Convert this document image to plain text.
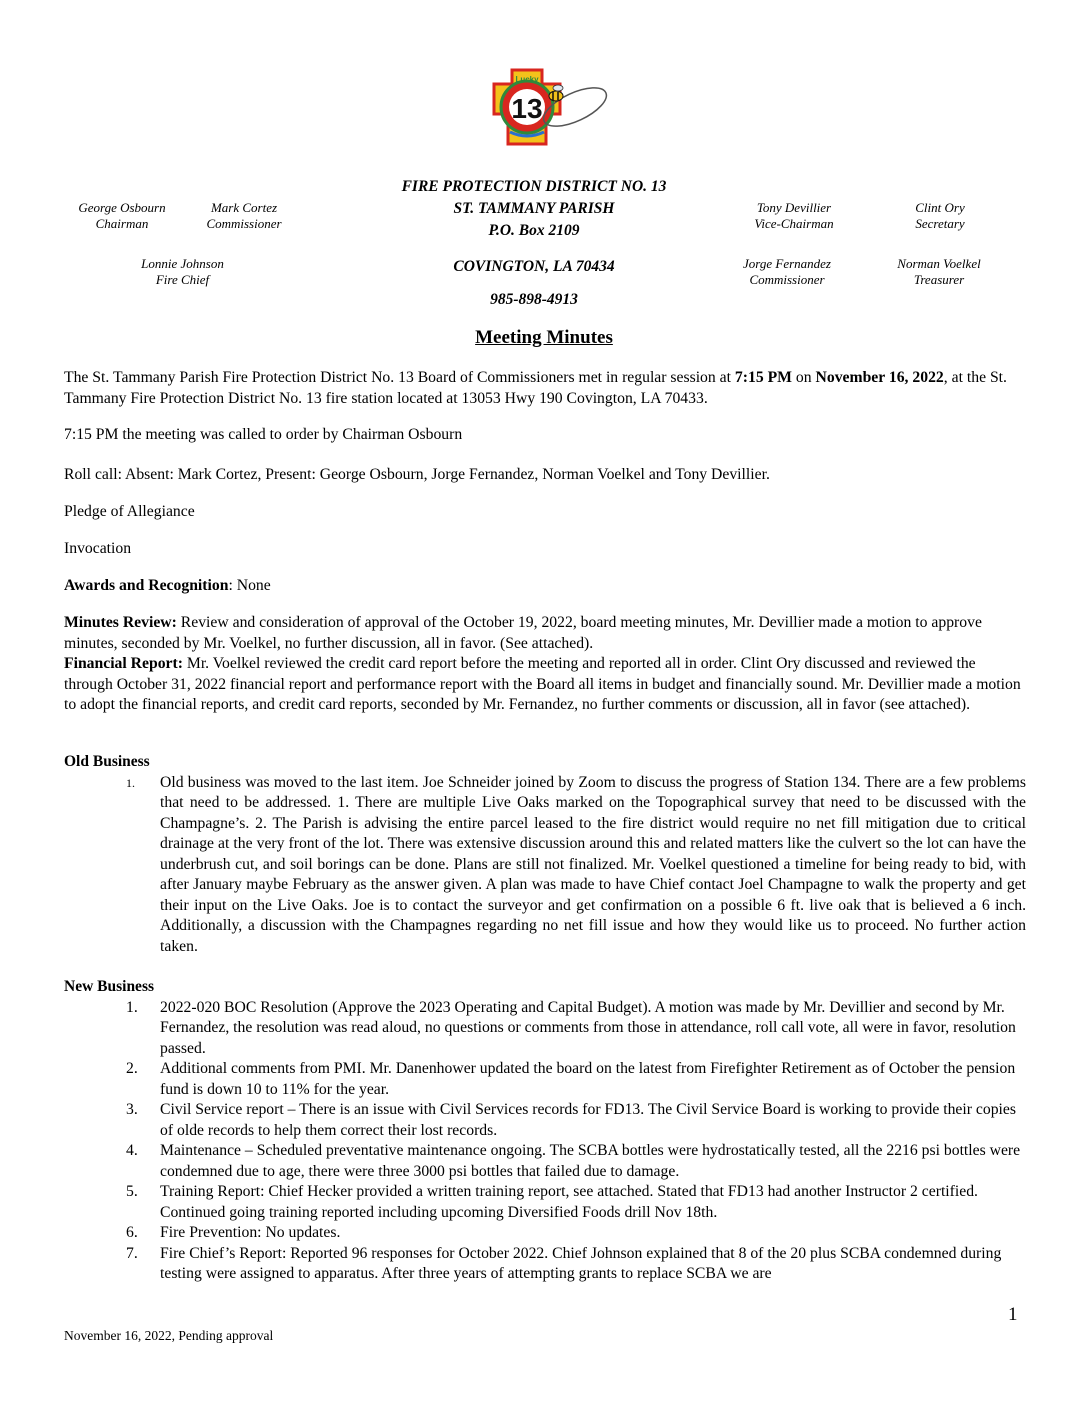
13
Lucky
George Osbourn
Chairman
Mark Cortez
Commissioner
Lonnie Johnson
Fire Chief
FIRE PROTECTION DISTRICT NO. 13
ST. TAMMANY PARISH
P.O. Box 2109
COVINGTON, LA 70434
985-898-4913
Tony Devillier
Vice-Chairman
Clint Ory
Secretary
Jorge Fernandez
Commissioner
Norman Voelkel
Treasurer
Meeting Minutes
The St. Tammany Parish Fire Protection District No. 13 Board of Commissioners met in regular session at 7:15 PM on November 16, 2022, at the St. Tammany Fire Protection District No. 13 fire station located at 13053 Hwy 190 Covington, LA 70433.
7:15 PM the meeting was called to order by Chairman Osbourn
Roll call: Absent: Mark Cortez, Present: George Osbourn, Jorge Fernandez, Norman Voelkel and Tony Devillier.
Pledge of Allegiance
Invocation
Awards and Recognition: None
Minutes Review: Review and consideration of approval of the October 19, 2022, board meeting minutes, Mr. Devillier made a motion to approve minutes, seconded by Mr. Voelkel, no further discussion, all in favor. (See attached).
Financial Report: Mr. Voelkel reviewed the credit card report before the meeting and reported all in order. Clint Ory discussed and reviewed the through October 31, 2022 financial report and performance report with the Board all items in budget and financially sound. Mr. Devillier made a motion to adopt the financial reports, and credit card reports, seconded by Mr. Fernandez, no further comments or discussion, all in favor (see attached).
Old Business
1.	Old business was moved to the last item. Joe Schneider joined by Zoom to discuss the progress of Station 134. There are a few problems that need to be addressed. 1. There are multiple Live Oaks marked on the Topographical survey that need to be discussed with the Champagne’s. 2. The Parish is advising the entire parcel leased to the fire district would require no net fill mitigation due to critical drainage at the very front of the lot. There was extensive discussion around this and related matters like the culvert so the lot can have the underbrush cut, and soil borings can be done. Plans are still not finalized. Mr. Voelkel questioned a timeline for being ready to bid, with after January maybe February as the answer given. A plan was made to have Chief contact Joel Champagne to walk the property and get their input on the Live Oaks. Joe is to contact the surveyor and get confirmation on a possible 6 ft. live oak that is believed a 6 inch. Additionally, a discussion with the Champagnes regarding no net fill issue and how they would like us to proceed. No further action taken.
New Business
1.	2022-020 BOC Resolution (Approve the 2023 Operating and Capital Budget). A motion was made by Mr. Devillier and second by Mr. Fernandez, the resolution was read aloud, no questions or comments from those in attendance, roll call vote, all were in favor, resolution passed.
2.	Additional comments from PMI. Mr. Danenhower updated the board on the latest from Firefighter Retirement as of October the pension fund is down 10 to 11% for the year.
3.	Civil Service report – There is an issue with Civil Services records for FD13. The Civil Service Board is working to provide their copies of olde records to help them correct their lost records.
4.	Maintenance – Scheduled preventative maintenance ongoing. The SCBA bottles were hydrostatically tested, all the 2216 psi bottles were condemned due to age, there were three 3000 psi bottles that failed due to damage.
5.	Training Report: Chief Hecker provided a written training report, see attached. Stated that FD13 had another Instructor 2 certified. Continued going training reported including upcoming Diversified Foods drill Nov 18th.
6.	Fire Prevention: No updates.
7.	Fire Chief’s Report: Reported 96 responses for October 2022. Chief Johnson explained that 8 of the 20 plus SCBA condemned during testing were assigned to apparatus. After three years of attempting grants to replace SCBA we are
1
November 16, 2022, Pending approval
